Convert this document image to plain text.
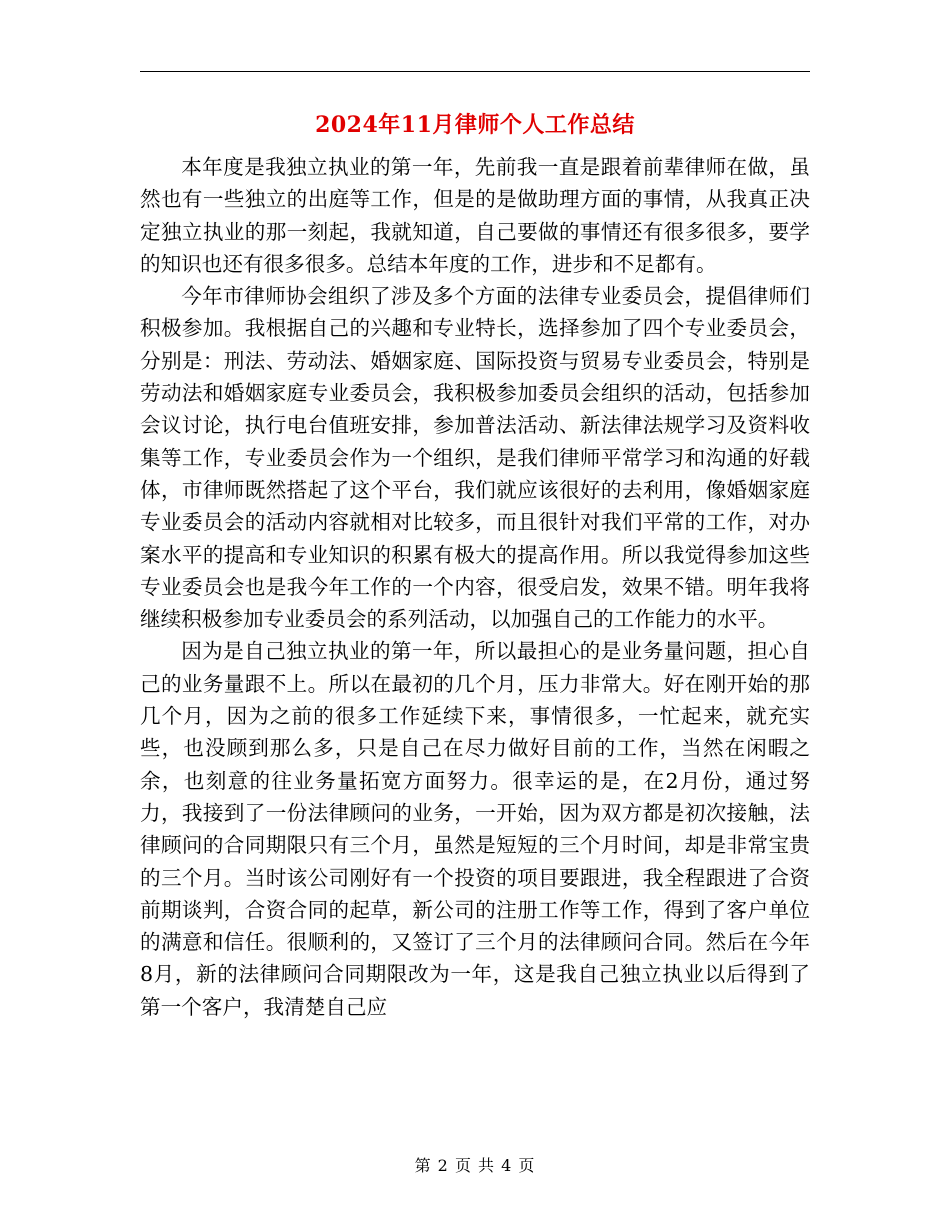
2024年11月律师个人工作总结

本年度是我独立执业的第一年，先前我一直是跟着前辈律师在做，虽然也有一些独立的出庭等工作，但是的是做助理方面的事情，从我真正决定独立执业的那一刻起，我就知道，自己要做的事情还有很多很多，要学的知识也还有很多很多。总结本年度的工作，进步和不足都有。

今年市律师协会组织了涉及多个方面的法律专业委员会，提倡律师们积极参加。我根据自己的兴趣和专业特长，选择参加了四个专业委员会，分别是：刑法、劳动法、婚姻家庭、国际投资与贸易专业委员会，特别是劳动法和婚姻家庭专业委员会，我积极参加委员会组织的活动，包括参加会议讨论，执行电台值班安排，参加普法活动、新法律法规学习及资料收集等工作，专业委员会作为一个组织，是我们律师平常学习和沟通的好载体，市律师既然搭起了这个平台，我们就应该很好的去利用，像婚姻家庭专业委员会的活动内容就相对比较多，而且很针对我们平常的工作，对办案水平的提高和专业知识的积累有极大的提高作用。所以我觉得参加这些专业委员会也是我今年工作的一个内容，很受启发，效果不错。明年我将继续积极参加专业委员会的系列活动，以加强自己的工作能力的水平。

因为是自己独立执业的第一年，所以最担心的是业务量问题，担心自己的业务量跟不上。所以在最初的几个月，压力非常大。好在刚开始的那几个月，因为之前的很多工作延续下来，事情很多，一忙起来，就充实些，也没顾到那么多，只是自己在尽力做好目前的工作，当然在闲暇之余，也刻意的往业务量拓宽方面努力。很幸运的是，在2月份，通过努力，我接到了一份法律顾问的业务，一开始，因为双方都是初次接触，法律顾问的合同期限只有三个月，虽然是短短的三个月时间，却是非常宝贵的三个月。当时该公司刚好有一个投资的项目要跟进，我全程跟进了合资前期谈判，合资合同的起草，新公司的注册工作等工作，得到了客户单位的满意和信任。很顺利的，又签订了三个月的法律顾问合同。然后在今年8月，新的法律顾问合同期限改为一年，这是我自己独立执业以后得到了第一个客户，我清楚自己应

第 2 页 共 4 页
